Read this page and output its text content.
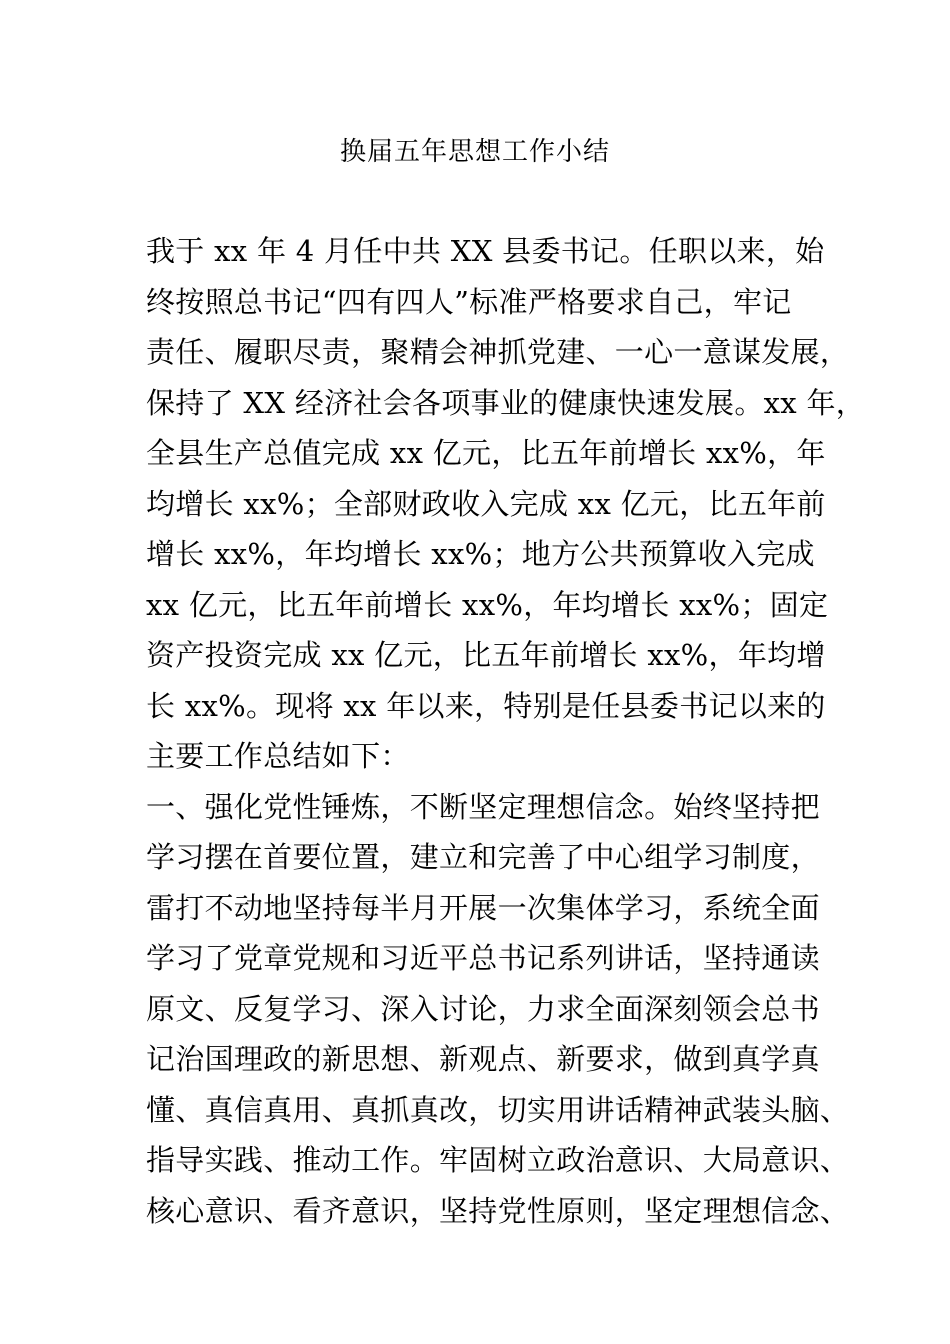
换届五年思想工作小结
我于 xx 年 4 月任中共 XX 县委书记。任职以来，始
终按照总书记“四有四人”标准严格要求自己，牢记
责任、履职尽责，聚精会神抓党建、一心一意谋发展，
保持了 XX 经济社会各项事业的健康快速发展。xx 年，
全县生产总值完成 xx 亿元，比五年前增长 xx%，年
均增长 xx%；全部财政收入完成 xx 亿元，比五年前
增长 xx%，年均增长 xx%；地方公共预算收入完成
xx 亿元，比五年前增长 xx%，年均增长 xx%；固定
资产投资完成 xx 亿元，比五年前增长 xx%，年均增
长 xx%。现将 xx 年以来，特别是任县委书记以来的
主要工作总结如下：
一、强化党性锤炼，不断坚定理想信念。始终坚持把
学习摆在首要位置，建立和完善了中心组学习制度，
雷打不动地坚持每半月开展一次集体学习，系统全面
学习了党章党规和习近平总书记系列讲话，坚持通读
原文、反复学习、深入讨论，力求全面深刻领会总书
记治国理政的新思想、新观点、新要求，做到真学真
懂、真信真用、真抓真改，切实用讲话精神武装头脑、
指导实践、推动工作。牢固树立政治意识、大局意识、
核心意识、看齐意识，坚持党性原则，坚定理想信念、
